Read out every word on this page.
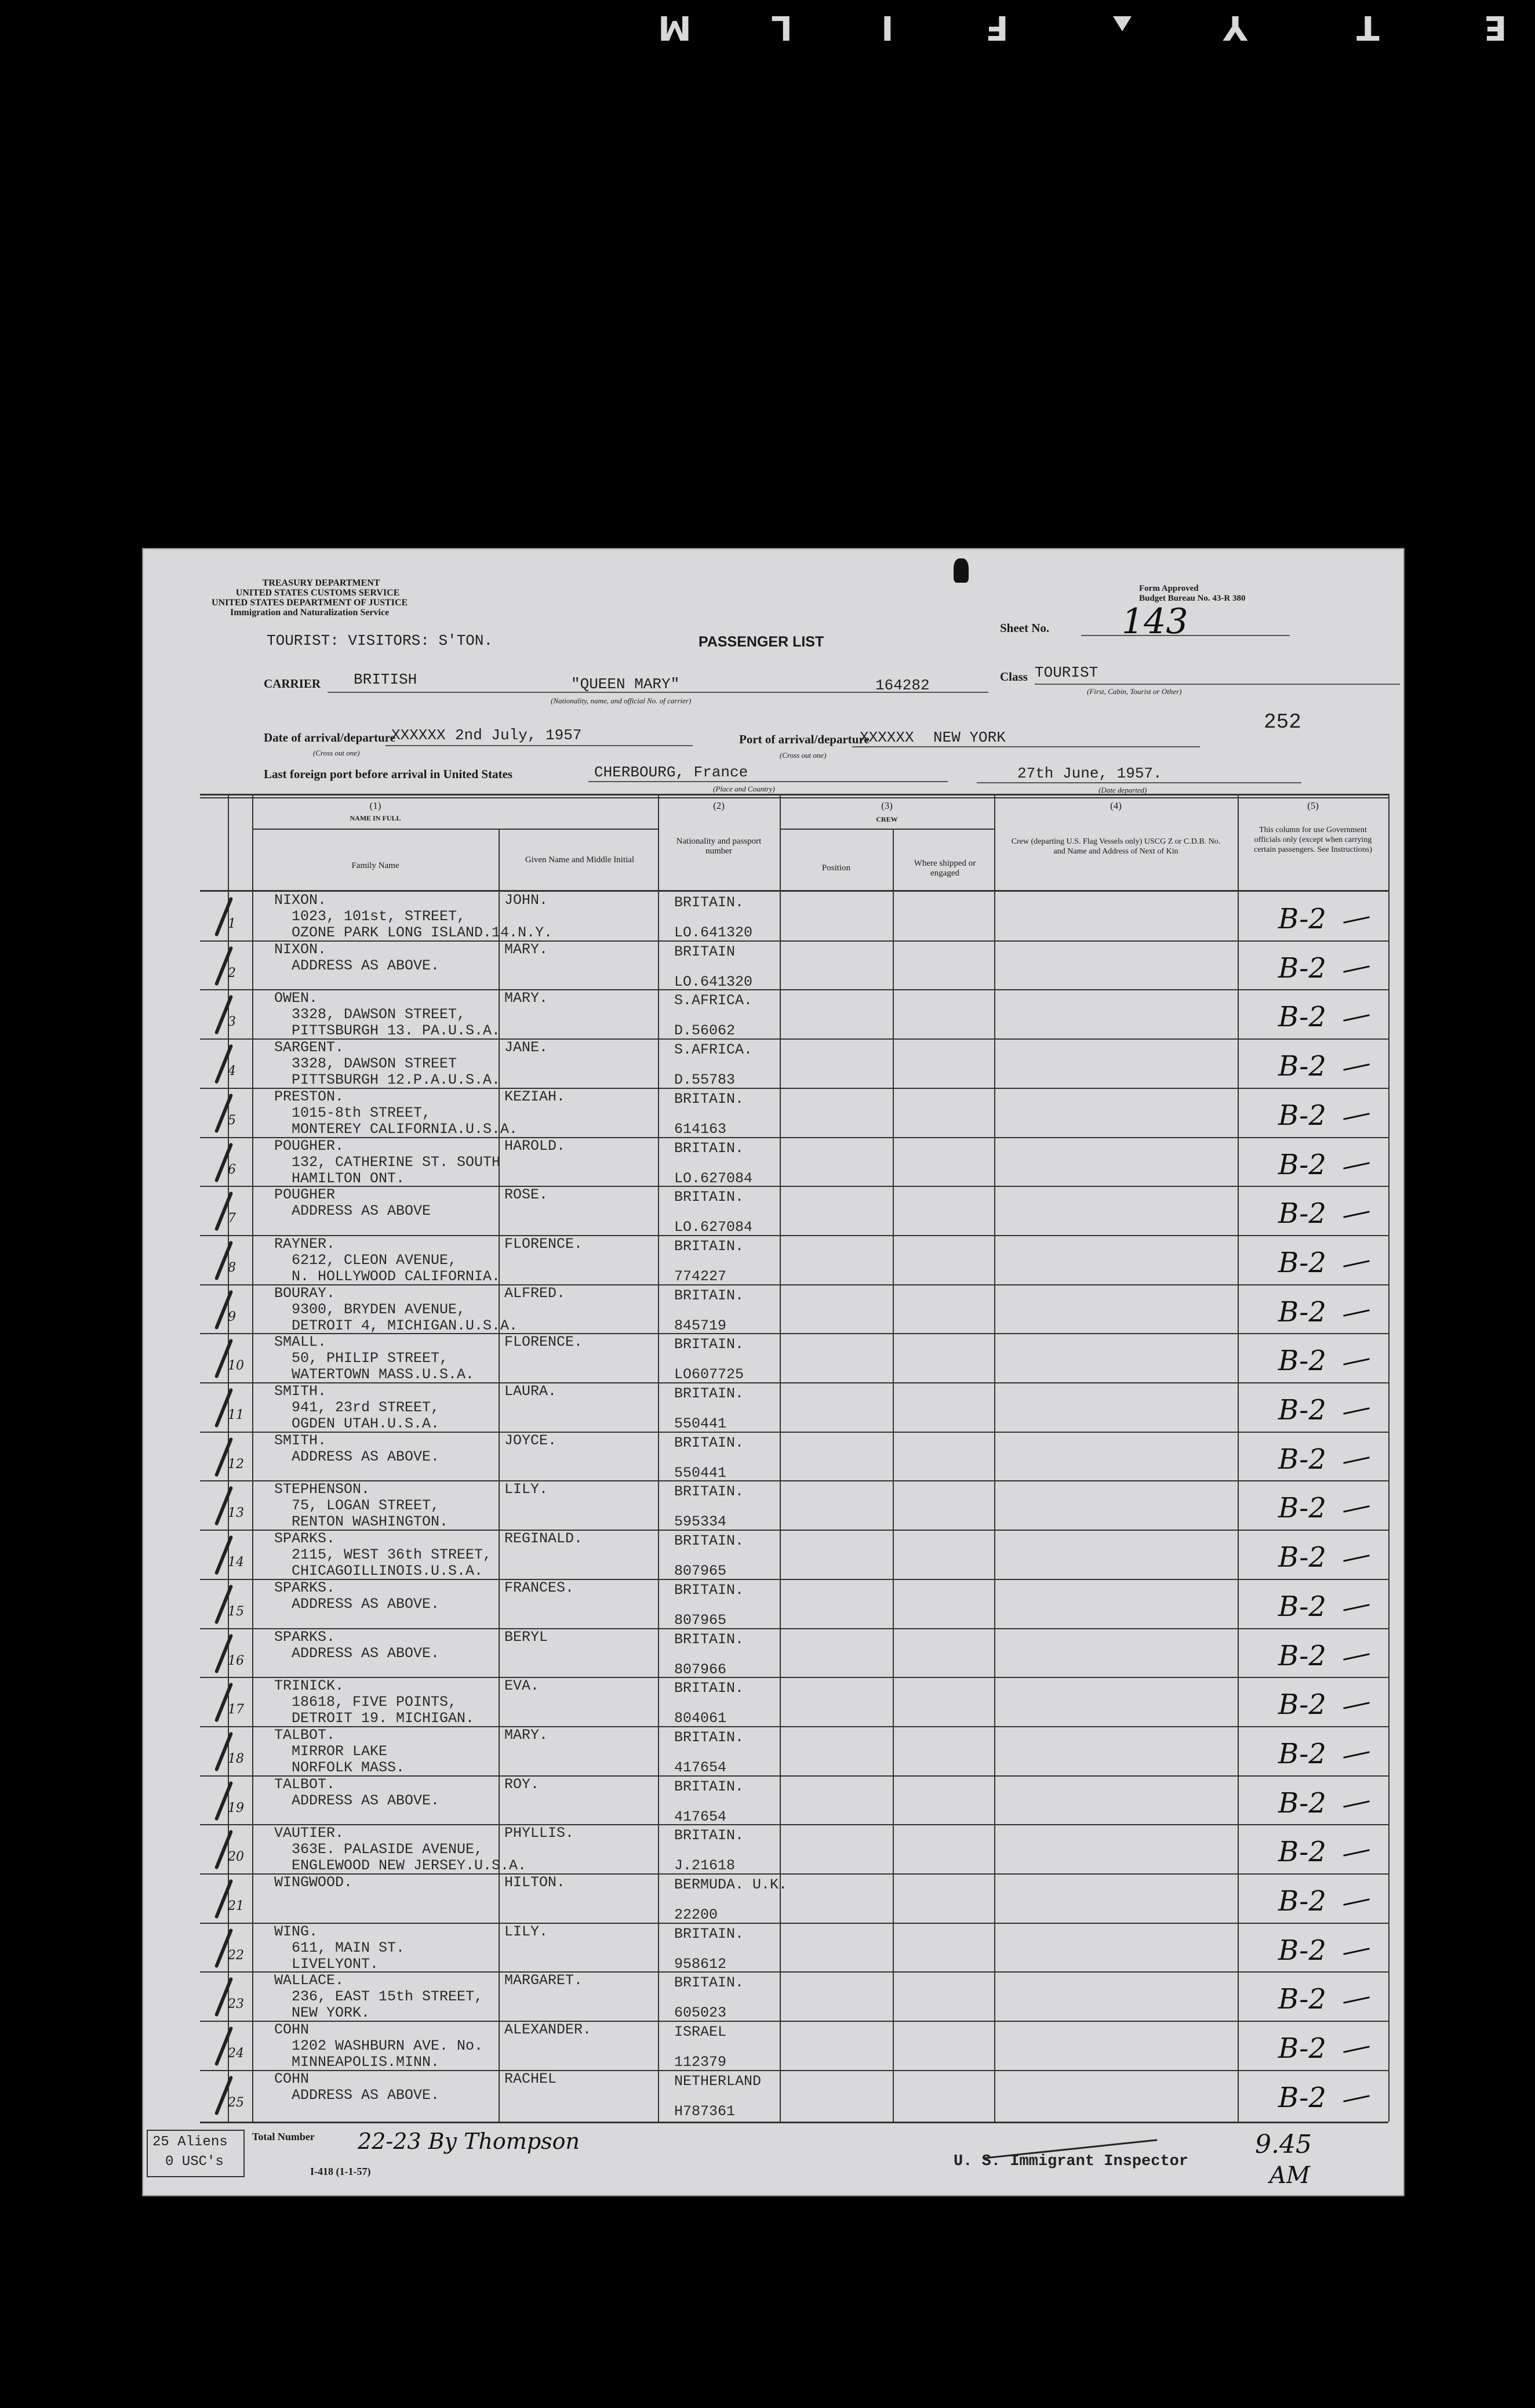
E
T
Y
F
I
L
M
TREASURY DEPARTMENT
UNITED STATES CUSTOMS SERVICE
UNITED STATES DEPARTMENT OF JUSTICE
Immigration and Naturalization Service
Form Approved
Budget Bureau No. 43-R 380
TOURIST: VISITORS: S'TON.	PASSENGER LIST
Sheet No. 143
CARRIER BRITISH	"QUEEN MARY"	164282
(Nationality, name, and official No. of carrier)
Class TOURIST
(First, Cabin, Tourist or Other)
252
Date of arrival/departure
XXXXXX 2nd July, 1957
(Cross out one)
Port of arrival/departure
XXXXXX NEW YORK
(Cross out one)
Last foreign port before arrival in United States	CHERBOURG, France
(Place and Country)
27th June, 1957.
(Date departed)
(1)
NAME IN FULL
Family Name
Given Name and Middle Initial
(2)
Nationality and passport number
(3)
CREW
Position	Where shipped or engaged
(4)
Crew (departing U.S. Flag Vessels only) USCG Z or C.D.B. No. and Name and Address of Next of Kin
(5)
This column for use Government officials only (except when carrying certain passengers. See Instructions)
1
NIXON.
1023, 101st, STREET,
OZONE PARK LONG ISLAND.14.N.Y.
JOHN.	BRITAIN.
LO.641320	B-2
2
NIXON.
ADDRESS AS ABOVE.
MARY.	BRITAIN
LO.641320	B-2
3
OWEN.
3328, DAWSON STREET,
PITTSBURGH 13. PA.U.S.A.
MARY.	S.AFRICA.
D.56062	B-2
4
SARGENT.
3328, DAWSON STREET
PITTSBURGH 12.P.A.U.S.A.
JANE.	S.AFRICA.
D.55783	B-2
5
PRESTON.
1015-8th STREET,
MONTEREY CALIFORNIA.U.S.A.
KEZIAH.	BRITAIN.
614163	B-2
6
POUGHER.
132, CATHERINE ST. SOUTH
HAMILTON ONT.
HAROLD.	BRITAIN.
LO.627084	B-2
7
POUGHER
ADDRESS AS ABOVE
ROSE.	BRITAIN.
LO.627084	B-2
8
RAYNER.
6212, CLEON AVENUE,
N. HOLLYWOOD CALIFORNIA.
FLORENCE.	BRITAIN.
774227	B-2
9
BOURAY.
9300, BRYDEN AVENUE,
DETROIT 4, MICHIGAN.U.S.A.
ALFRED.	BRITAIN.
845719	B-2
10
SMALL.
50, PHILIP STREET,
WATERTOWN MASS.U.S.A.
FLORENCE.	BRITAIN.
LO607725	B-2
11
SMITH.
941, 23rd STREET,
OGDEN UTAH.U.S.A.
LAURA.	BRITAIN.
550441	B-2
12
SMITH.
ADDRESS AS ABOVE.
JOYCE.	BRITAIN.
550441	B-2
13
STEPHENSON.
75, LOGAN STREET,
RENTON WASHINGTON.
LILY.	BRITAIN.
595334	B-2
14
SPARKS.
2115, WEST 36th STREET,
CHICAGOILLINOIS.U.S.A.
REGINALD.	BRITAIN.
807965	B-2
15
SPARKS.
ADDRESS AS ABOVE.
FRANCES.	BRITAIN.
807965	B-2
16
SPARKS.
ADDRESS AS ABOVE.
BERYL	BRITAIN.
807966	B-2
17
TRINICK.
18618, FIVE POINTS,
DETROIT 19. MICHIGAN.
EVA.	BRITAIN.
804061	B-2
18
TALBOT.
MIRROR LAKE
NORFOLK MASS.
MARY.	BRITAIN.
417654	B-2
19
TALBOT.
ADDRESS AS ABOVE.
ROY.	BRITAIN.
417654	B-2
20
VAUTIER.
363E. PALASIDE AVENUE,
ENGLEWOOD NEW JERSEY.U.S.A.
PHYLLIS.	BRITAIN.
J.21618	B-2
21
WINGWOOD.	HILTON.	BERMUDA. U.K.
22200	B-2
22
WING.
611, MAIN ST.
LIVELYONT.
LILY.	BRITAIN.
958612	B-2
23
WALLACE.
236, EAST 15th STREET,
NEW YORK.
MARGARET.	BRITAIN.
605023	B-2
24
COHN
1202 WASHBURN AVE. No.
MINNEAPOLIS.MINN.
ALEXANDER.	ISRAEL
112379	B-2
25
COHN
ADDRESS AS ABOVE.
RACHEL	NETHERLAND
H787361	B-2
25 Aliens
0 USC's
Total Number 22-23 By Thompson
I-418 (1-1-57)
U. S. Immigrant Inspector
9.45
AM
